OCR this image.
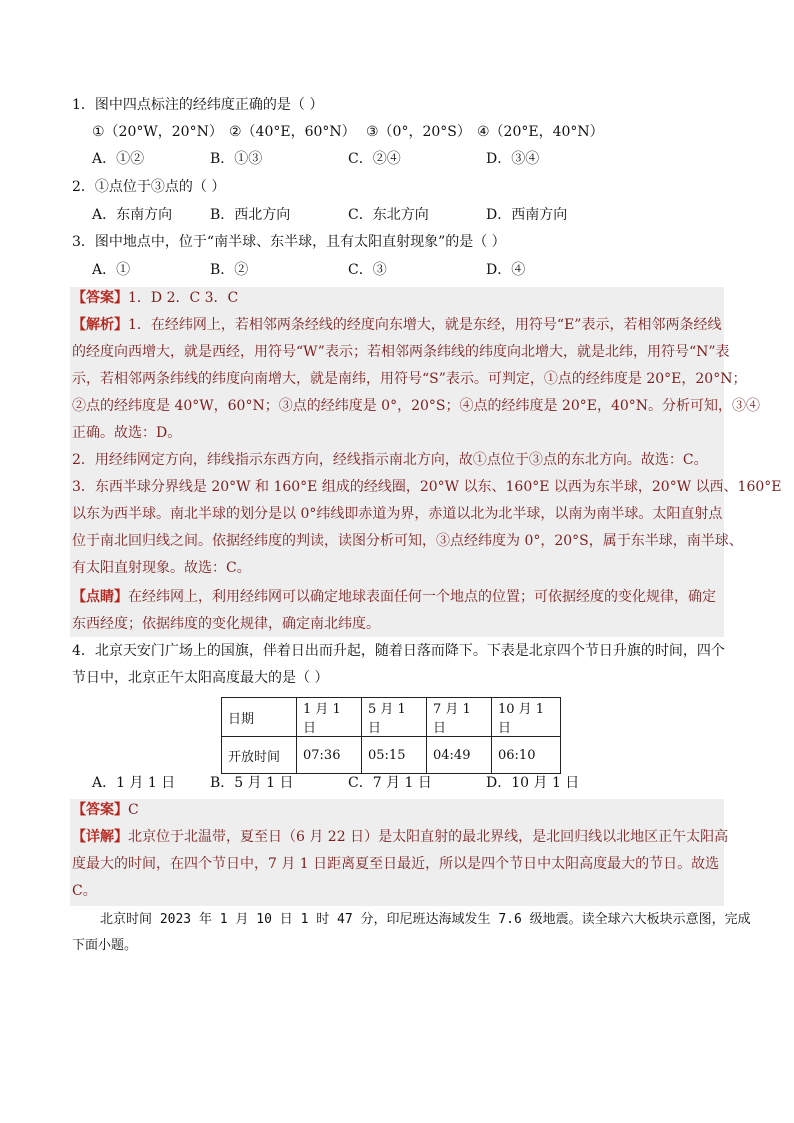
1．图中四点标注的经纬度正确的是（ ）
①（20°W，20°N） ②（40°E，60°N） ③（0°，20°S） ④（20°E，40°N）
A．①②	B．①③	C．②④	D．③④
2．①点位于③点的（ ）
A．东南方向	B．西北方向	C．东北方向	D．西南方向
3．图中地点中，位于“南半球、东半球，且有太阳直射现象”的是（ ）
A．①	B．②	C．③	D．④
【答案】1．D 2．C 3．C
【解析】1．在经纬网上，若相邻两条经线的经度向东增大，就是东经，用符号“E”表示，若相邻两条经线
的经度向西增大，就是西经，用符号“W”表示；若相邻两条纬线的纬度向北增大，就是北纬，用符号“N”表
示，若相邻两条纬线的纬度向南增大，就是南纬，用符号“S”表示。可判定，①点的经纬度是 20°E，20°N；
②点的经纬度是 40°W，60°N；③点的经纬度是 0°，20°S；④点的经纬度是 20°E，40°N。分析可知，③④
正确。故选：D。
2．用经纬网定方向，纬线指示东西方向，经线指示南北方向，故①点位于③点的东北方向。故选：C。
3．东西半球分界线是 20°W 和 160°E 组成的经线圈，20°W 以东、160°E 以西为东半球，20°W 以西、160°E
以东为西半球。南北半球的划分是以 0°纬线即赤道为界，赤道以北为北半球，以南为南半球。太阳直射点
位于南北回归线之间。依据经纬度的判读，读图分析可知，③点经纬度为 0°，20°S，属于东半球，南半球、
有太阳直射现象。故选：C。
【点睛】在经纬网上，利用经纬网可以确定地球表面任何一个地点的位置；可依据经度的变化规律，确定
东西经度；依据纬度的变化规律，确定南北纬度。
4．北京天安门广场上的国旗，伴着日出而升起，随着日落而降下。下表是北京四个节日升旗的时间，四个
节日中，北京正午太阳高度最大的是（ ）
日期	1 月 1 日	5 月 1 日	7 月 1 日	10 月 1 日
开放时间	07:36	05:15	04:49	06:10
A．1 月 1 日 B．5 月 1 日	C．7 月 1 日	D．10 月 1 日
【答案】C
【详解】北京位于北温带，夏至日（6 月 22 日）是太阳直射的最北界线，是北回归线以北地区正午太阳高
度最大的时间，在四个节日中，7 月 1 日距离夏至日最近，所以是四个节日中太阳高度最大的节日。故选
C。
北京时间 2023 年 1 月 10 日 1 时 47 分，印尼班达海域发生 7.6 级地震。读全球六大板块示意图，完成
下面小题。
